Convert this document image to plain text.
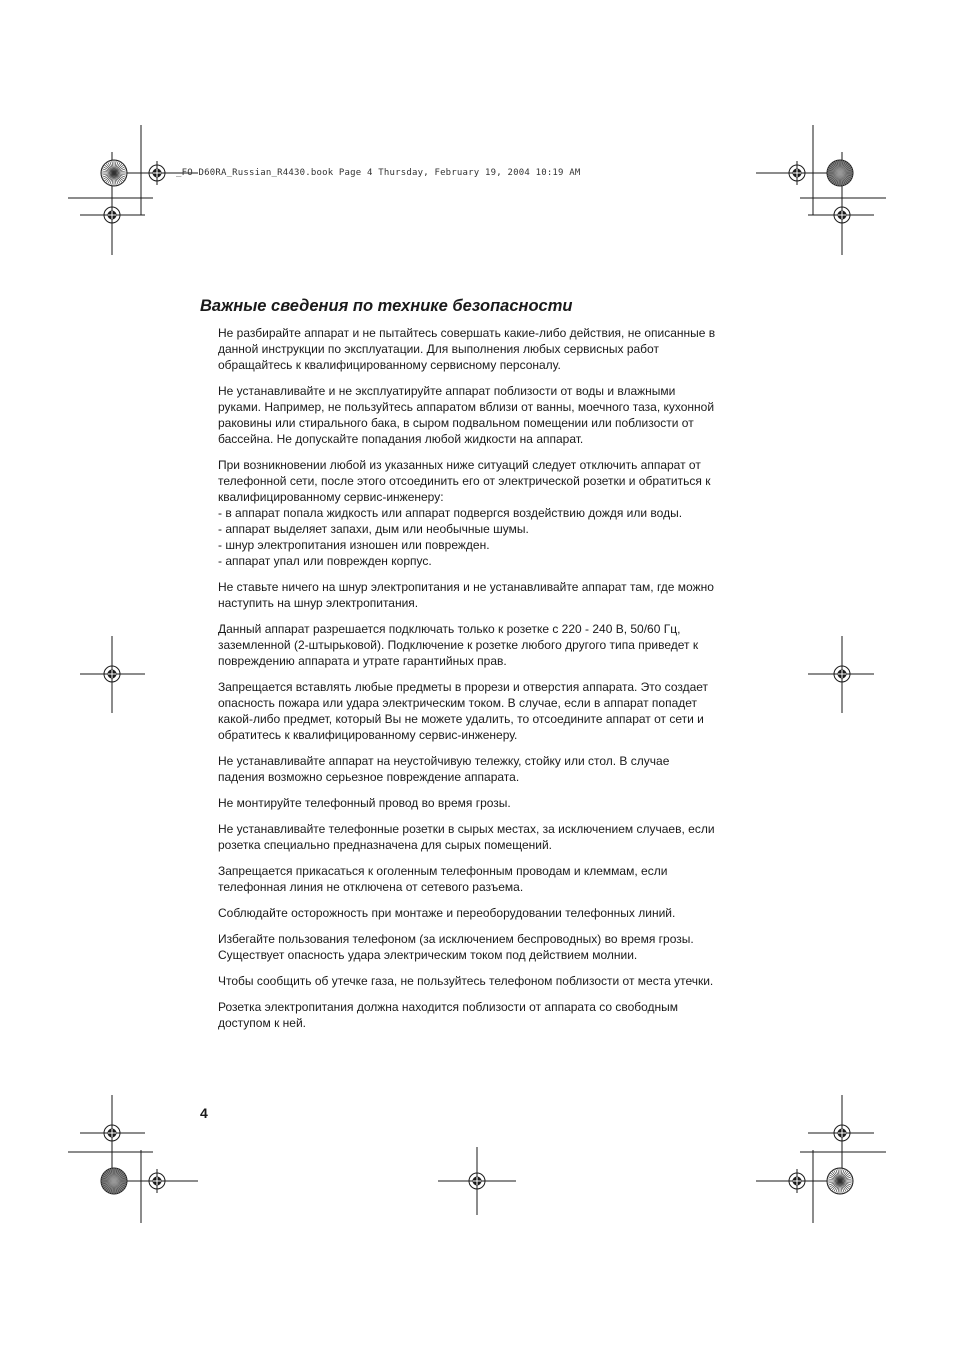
_FO-D60RA_Russian_R4430.book Page 4 Thursday, February 19, 2004 10:19 AM
Важные сведения по технике безопасности

Не разбирайте аппарат и не пытайтесь совершать какие-либо действия, не описанные в
данной инструкции по эксплуатации. Для выполнения любых сервисных работ
обращайтесь к квалифицированному сервисному персоналу.

Не устанавливайте и не эксплуатируйте аппарат поблизости от воды и влажными
руками. Например, не пользуйтесь аппаратом вблизи от ванны, моечного таза, кухонной
раковины или стирального бака, в сыром подвальном помещении или поблизости от
бассейна. Не допускайте попадания любой жидкости на аппарат.

При возникновении любой из указанных ниже ситуаций следует отключить аппарат от
телефонной сети, после этого отсоединить его от электрической розетки и обратиться к
квалифицированному сервис-инженеру:
- в аппарат попала жидкость или аппарат подвергся воздействию дождя или воды.
- аппарат выделяет запахи, дым или необычные шумы.
- шнур электропитания изношен или поврежден.
- аппарат упал или поврежден корпус.

Не ставьте ничего на шнур электропитания и не устанавливайте аппарат там, где можно
наступить на шнур электропитания.

Данный аппарат разрешается подключать только к розетке с 220 - 240 В, 50/60 Гц,
заземленной (2-штырьковой). Подключение к розетке любого другого типа приведет к
повреждению аппарата и утрате гарантийных прав.

Запрещается вставлять любые предметы в прорези и отверстия аппарата. Это создает
опасность пожара или удара электрическим током. В случае, если в аппарат попадет
какой-либо предмет, который Вы не можете удалить, то отсоедините аппарат от сети и
обратитесь к квалифицированному сервис-инженеру.

Не устанавливайте аппарат на неустойчивую тележку, стойку или стол. В случае
падения возможно серьезное повреждение аппарата.

Не монтируйте телефонный провод во время грозы.

Не устанавливайте телефонные розетки в сырых местах, за исключением случаев, если
розетка специально предназначена для сырых помещений.

Запрещается прикасаться к оголенным телефонным проводам и клеммам, если
телефонная линия не отключена от сетевого разъема.

Соблюдайте осторожность при монтаже и переоборудовании телефонных линий.

Избегайте пользования телефоном (за исключением беспроводных) во время грозы.
Существует опасность удара электрическим током под действием молнии.

Чтобы сообщить об утечке газа, не пользуйтесь телефоном поблизости от места утечки.

Розетка электропитания должна находится поблизости от аппарата со свободным
доступом к ней.

4
